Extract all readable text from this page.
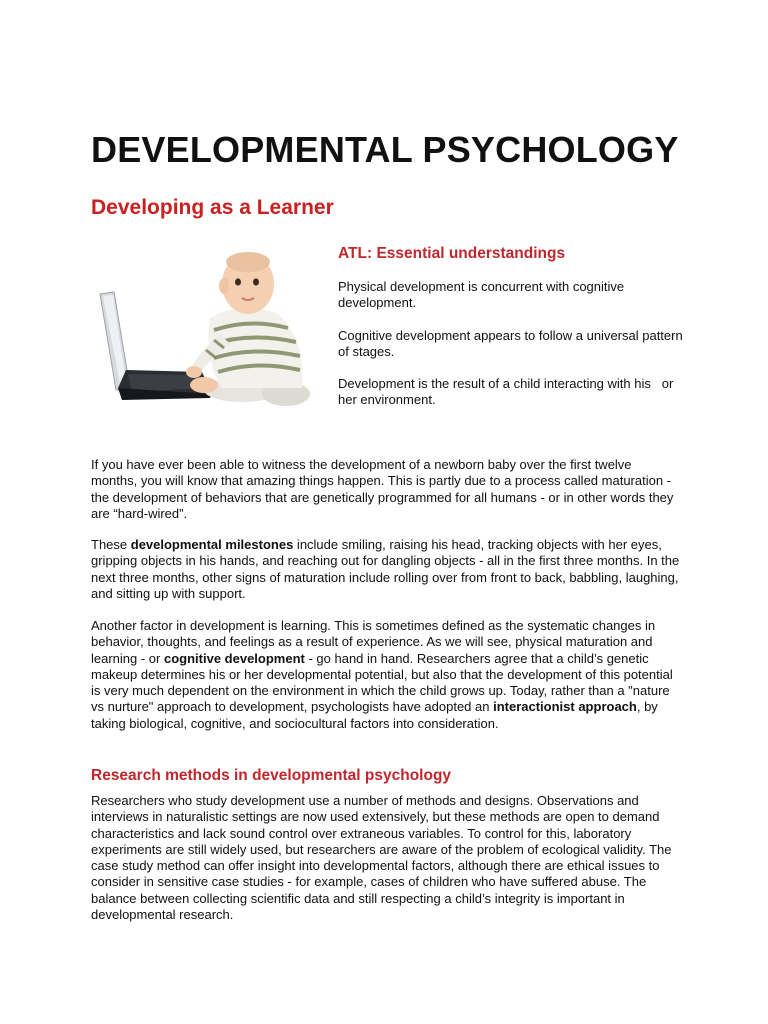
DEVELOPMENTAL PSYCHOLOGY
Developing as a Learner
ATL: Essential understandings

Physical development is concurrent with cognitive development.

Cognitive development appears to follow a universal pattern of stages.

Development is the result of a child interacting with his   or her environment.

If you have ever been able to witness the development of a newborn baby over the first twelve months, you will know that amazing things happen. This is partly due to a process called maturation - the development of behaviors that are genetically programmed for all humans - or in other words they are “hard-wired”.

These developmental milestones include smiling, raising his head, tracking objects with her eyes, gripping objects in his hands, and reaching out for dangling objects - all in the first three months. In the next three months, other signs of maturation include rolling over from front to back, babbling, laughing, and sitting up with support.

Another factor in development is learning. This is sometimes defined as the systematic changes in behavior, thoughts, and feelings as a result of experience. As we will see, physical maturation and learning - or cognitive development - go hand in hand. Researchers agree that a child’s genetic makeup determines his or her developmental potential, but also that the development of this potential is very much dependent on the environment in which the child grows up. Today, rather than a "nature vs nurture" approach to development, psychologists have adopted an interactionist approach, by taking biological, cognitive, and sociocultural factors into consideration.

Research methods in developmental psychology

Researchers who study development use a number of methods and designs. Observations and interviews in naturalistic settings are now used extensively, but these methods are open to demand characteristics and lack sound control over extraneous variables. To control for this, laboratory experiments are still widely used, but researchers are aware of the problem of ecological validity. The case study method can offer insight into developmental factors, although there are ethical issues to consider in sensitive case studies - for example, cases of children who have suffered abuse. The balance between collecting scientific data and still respecting a child’s integrity is important in developmental research.
